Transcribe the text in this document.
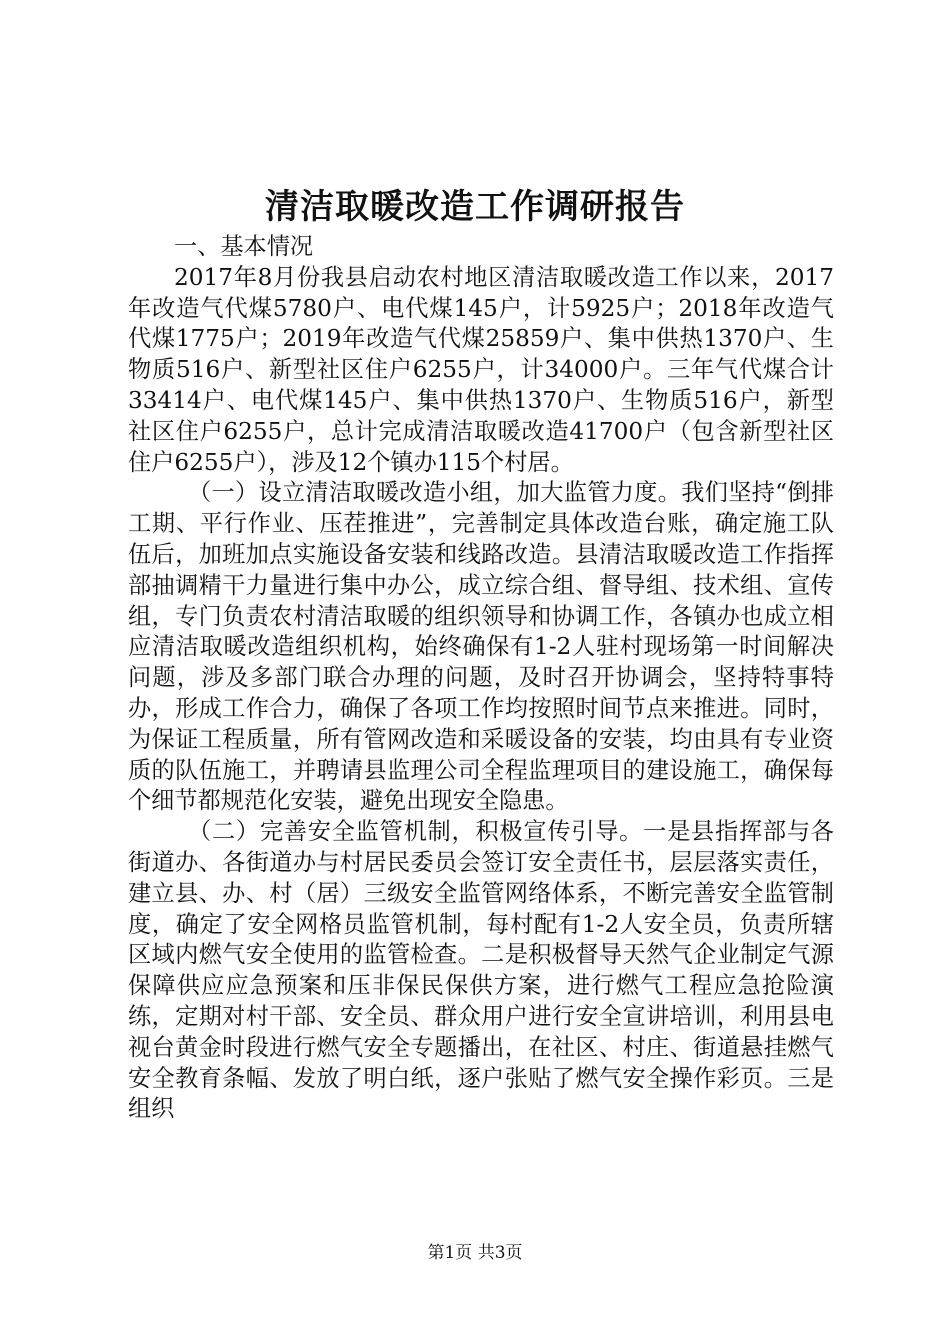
清洁取暖改造工作调研报告

一、基本情况

2017年8月份我县启动农村地区清洁取暖改造工作以来，2017年改造气代煤5780户、电代煤145户，计5925户；2018年改造气代煤1775户；2019年改造气代煤25859户、集中供热1370户、生物质516户、新型社区住户6255户，计34000户。三年气代煤合计33414户、电代煤145户、集中供热1370户、生物质516户，新型社区住户6255户，总计完成清洁取暖改造41700户（包含新型社区住户6255户），涉及12个镇办115个村居。

（一）设立清洁取暖改造小组，加大监管力度。我们坚持“倒排工期、平行作业、压茬推进”，完善制定具体改造台账，确定施工队伍后，加班加点实施设备安装和线路改造。县清洁取暖改造工作指挥部抽调精干力量进行集中办公，成立综合组、督导组、技术组、宣传组，专门负责农村清洁取暖的组织领导和协调工作，各镇办也成立相应清洁取暖改造组织机构，始终确保有1-2人驻村现场第一时间解决问题，涉及多部门联合办理的问题，及时召开协调会，坚持特事特办，形成工作合力，确保了各项工作均按照时间节点来推进。同时，为保证工程质量，所有管网改造和采暖设备的安装，均由具有专业资质的队伍施工，并聘请县监理公司全程监理项目的建设施工，确保每个细节都规范化安装，避免出现安全隐患。

（二）完善安全监管机制，积极宣传引导。一是县指挥部与各街道办、各街道办与村居民委员会签订安全责任书，层层落实责任，建立县、办、村（居）三级安全监管网络体系，不断完善安全监管制度，确定了安全网格员监管机制，每村配有1-2人安全员，负责所辖区域内燃气安全使用的监管检查。二是积极督导天然气企业制定气源保障供应应急预案和压非保民保供方案，进行燃气工程应急抢险演练，定期对村干部、安全员、群众用户进行安全宣讲培训，利用县电视台黄金时段进行燃气安全专题播出，在社区、村庄、街道悬挂燃气安全教育条幅、发放了明白纸，逐户张贴了燃气安全操作彩页。三是组织

第1页 共3页
